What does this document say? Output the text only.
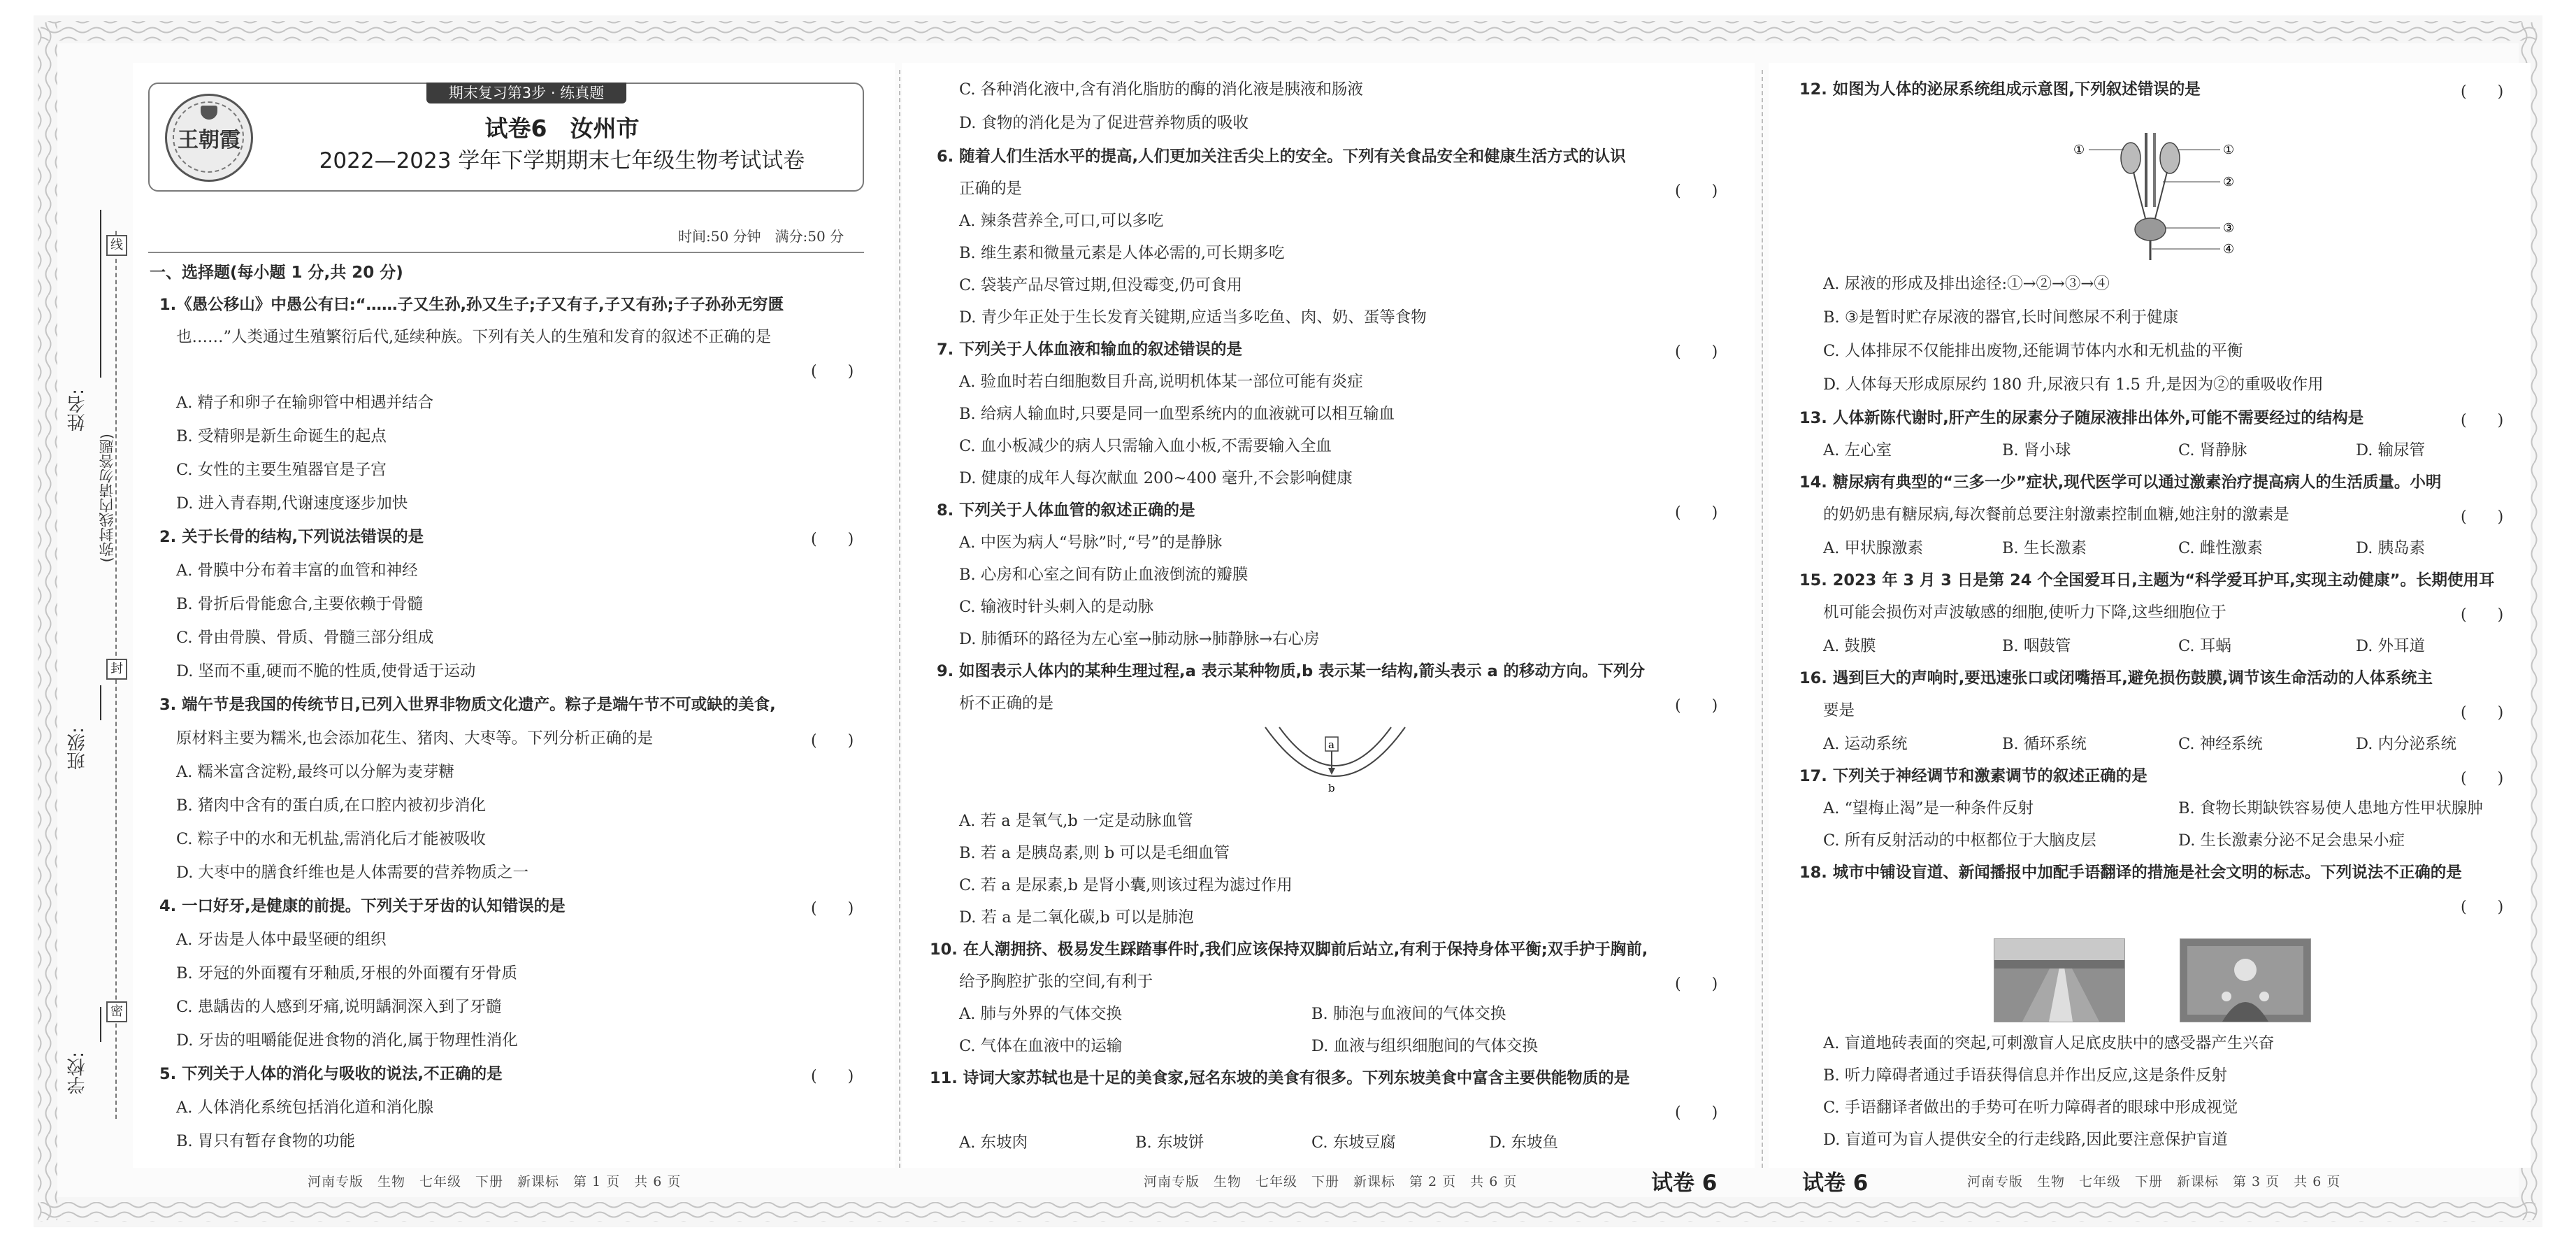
线
封
密
姓名:
班级:
学校:
(弥封线内请勿答题)
期末复习第3步 · 练真题
王朝霞	试卷6　汝州市
2022—2023 学年下学期期末七年级生物考试试卷
时间:50 分钟　满分:50 分
一、选择题(每小题 1 分,共 20 分)
1.《愚公移山》中愚公有曰:“……子又生孙,孙又生子;子又有子,子又有孙;子子孙孙无穷匮
也……”人类通过生殖繁衍后代,延续种族。下列有关人的生殖和发育的叙述不正确的是
(　　)
A. 精子和卵子在输卵管中相遇并结合
B. 受精卵是新生命诞生的起点
C. 女性的主要生殖器官是子宫
D. 进入青春期,代谢速度逐步加快
2. 关于长骨的结构,下列说法错误的是	(　　)
A. 骨膜中分布着丰富的血管和神经
B. 骨折后骨能愈合,主要依赖于骨髓
C. 骨由骨膜、骨质、骨髓三部分组成
D. 坚而不重,硬而不脆的性质,使骨适于运动
3. 端午节是我国的传统节日,已列入世界非物质文化遗产。粽子是端午节不可或缺的美食,
原材料主要为糯米,也会添加花生、猪肉、大枣等。下列分析正确的是	(　　)
A. 糯米富含淀粉,最终可以分解为麦芽糖
B. 猪肉中含有的蛋白质,在口腔内被初步消化
C. 粽子中的水和无机盐,需消化后才能被吸收
D. 大枣中的膳食纤维也是人体需要的营养物质之一
4. 一口好牙,是健康的前提。下列关于牙齿的认知错误的是	(　　)
A. 牙齿是人体中最坚硬的组织
B. 牙冠的外面覆有牙釉质,牙根的外面覆有牙骨质
C. 患龋齿的人感到牙痛,说明龋洞深入到了牙髓
D. 牙齿的咀嚼能促进食物的消化,属于物理性消化
5. 下列关于人体的消化与吸收的说法,不正确的是	(　　)
A. 人体消化系统包括消化道和消化腺
B. 胃只有暂存食物的功能
河南专版　生物　七年级　下册　新课标　第 1 页　共 6 页
C. 各种消化液中,含有消化脂肪的酶的消化液是胰液和肠液
D. 食物的消化是为了促进营养物质的吸收
6. 随着人们生活水平的提高,人们更加关注舌尖上的安全。下列有关食品安全和健康生活方式的认识
正确的是	(　　)
A. 辣条营养全,可口,可以多吃
B. 维生素和微量元素是人体必需的,可长期多吃
C. 袋装产品尽管过期,但没霉变,仍可食用
D. 青少年正处于生长发育关键期,应适当多吃鱼、肉、奶、蛋等食物
7. 下列关于人体血液和输血的叙述错误的是	(　　)
A. 验血时若白细胞数目升高,说明机体某一部位可能有炎症
B. 给病人输血时,只要是同一血型系统内的血液就可以相互输血
C. 血小板减少的病人只需输入血小板,不需要输入全血
D. 健康的成年人每次献血 200~400 毫升,不会影响健康
8. 下列关于人体血管的叙述正确的是	(　　)
A. 中医为病人“号脉”时,“号”的是静脉
B. 心房和心室之间有防止血液倒流的瓣膜
C. 输液时针头刺入的是动脉
D. 肺循环的路径为左心室→肺动脉→肺静脉→右心房
9. 如图表示人体内的某种生理过程,a 表示某种物质,b 表示某一结构,箭头表示 a 的移动方向。下列分
析不正确的是	(　　)
a
b
A. 若 a 是氧气,b 一定是动脉血管
B. 若 a 是胰岛素,则 b 可以是毛细血管
C. 若 a 是尿素,b 是肾小囊,则该过程为滤过作用
D. 若 a 是二氧化碳,b 可以是肺泡
10. 在人潮拥挤、极易发生踩踏事件时,我们应该保持双脚前后站立,有利于保持身体平衡;双手护于胸前,
给予胸腔扩张的空间,有利于	(　　)
A. 肺与外界的气体交换	B. 肺泡与血液间的气体交换
C. 气体在血液中的运输	D. 血液与组织细胞间的气体交换
11. 诗词大家苏轼也是十足的美食家,冠名东坡的美食有很多。下列东坡美食中富含主要供能物质的是
(　　)
A. 东坡肉	B. 东坡饼	C. 东坡豆腐	D. 东坡鱼
河南专版　生物　七年级　下册　新课标　第 2 页　共 6 页	试卷 6
12. 如图为人体的泌尿系统组成示意图,下列叙述错误的是	(　　)
①	①
②
③
④
A. 尿液的形成及排出途径:①→②→③→④
B. ③是暂时贮存尿液的器官,长时间憋尿不利于健康
C. 人体排尿不仅能排出废物,还能调节体内水和无机盐的平衡
D. 人体每天形成原尿约 180 升,尿液只有 1.5 升,是因为②的重吸收作用
13. 人体新陈代谢时,肝产生的尿素分子随尿液排出体外,可能不需要经过的结构是	(　　)
A. 左心室	B. 肾小球	C. 肾静脉	D. 输尿管
14. 糖尿病有典型的“三多一少”症状,现代医学可以通过激素治疗提高病人的生活质量。小明
的奶奶患有糖尿病,每次餐前总要注射激素控制血糖,她注射的激素是	(　　)
A. 甲状腺激素	B. 生长激素	C. 雌性激素	D. 胰岛素
15. 2023 年 3 月 3 日是第 24 个全国爱耳日,主题为“科学爱耳护耳,实现主动健康”。长期使用耳
机可能会损伤对声波敏感的细胞,使听力下降,这些细胞位于	(　　)
A. 鼓膜	B. 咽鼓管	C. 耳蜗	D. 外耳道
16. 遇到巨大的声响时,要迅速张口或闭嘴捂耳,避免损伤鼓膜,调节该生命活动的人体系统主
要是	(　　)
A. 运动系统	B. 循环系统	C. 神经系统	D. 内分泌系统
17. 下列关于神经调节和激素调节的叙述正确的是	(　　)
A. “望梅止渴”是一种条件反射	B. 食物长期缺铁容易使人患地方性甲状腺肿
C. 所有反射活动的中枢都位于大脑皮层	D. 生长激素分泌不足会患呆小症
18. 城市中铺设盲道、新闻播报中加配手语翻译的措施是社会文明的标志。下列说法不正确的是
(　　)
A. 盲道地砖表面的突起,可刺激盲人足底皮肤中的感受器产生兴奋
B. 听力障碍者通过手语获得信息并作出反应,这是条件反射
C. 手语翻译者做出的手势可在听力障碍者的眼球中形成视觉
D. 盲道可为盲人提供安全的行走线路,因此要注意保护盲道
试卷 6	河南专版　生物　七年级　下册　新课标　第 3 页　共 6 页
